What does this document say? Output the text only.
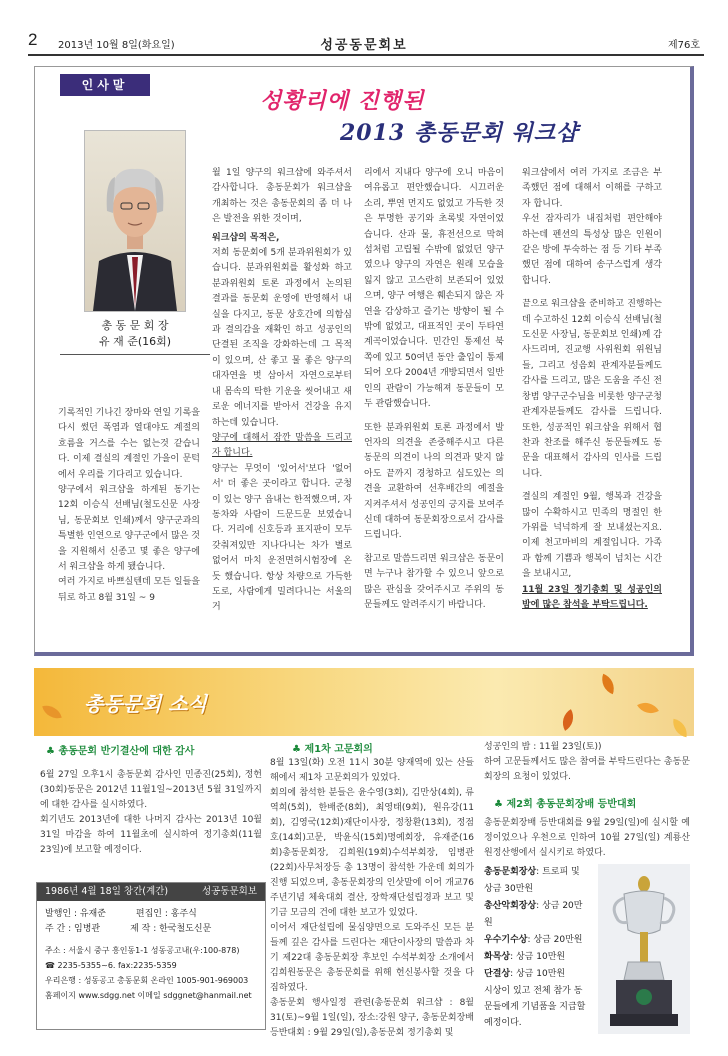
2 2013년 10월 8일(화요일)	성공동문회보	제76호
인사말
성황리에 진행된
2013 총동문회 워크샵
총 동 문 회 장
유 재 준(16회)

기록적인 기나긴 장마와 연일 기록을 다시 썼던 폭염과 열대야도 계절의 흐름을 거스를 수는 없는것 같습니다. 이제 결실의 계절인 가을이 문턱에서 우리를 기다리고 있습니다.

양구에서 워크샵을 하게된 동기는 12회 이승식 선배님(철도신문 사장님, 동문회보 인쇄)께서 양구군과의 특별한 인연으로 양구군에서 많은 것을 지원해서 신종고 몇 좋은 양구에서 워크샵을 하게 됐습니다.

여러 가지로 바쁘실텐데 모든 일들을 뒤로 하고 8월 31일 ~ 9

월 1일 양구의 워크샵에 와주셔서 감사합니다. 총동문회가 워크샵을 개최하는 것은 총동문회의 좀 더 나은 발전을 위한 것이며,

워크샵의 목적은,

저희 동문회에 5개 분과위원회가 있습니다. 분과위원회를 활성화 하고 분과위원회 토론 과정에서 논의된 결과를 동문회 운영에 반영해서 내실을 다지고, 동문 상호간에 의함심과 결의감을 재확인 하고 성공인의 단결된 조직을 강화하는데 그 목적이 있으며, 산 좋고 물 좋은 양구의 대자연을 벗 삼아서 자연으로부터 내 몸속의 탁한 기운을 씻어내고 새로운 에너지를 받아서 건강을 유지하는데 있습니다.

양구에 대해서 잠깐 말씀을 드리고자 합니다.

양구는 무엇이 '있어서'보다 '없어서' 더 좋은 곳이라고 합니다. 군청이 있는 양구 읍내는 한적했으며, 자동차와 사람이 드문드문 보였습니다. 거리에 신호등과 표지판이 모두 갖춰져있만 지나다니는 차가 별로 없어서 마치 운전면허시험장에 온 듯 했습니다. 항상 차량으로 가득한 도로, 사람에게 밀려다니는 서울의 거

리에서 지내다 양구에 오니 마음이 여유롭고 편안했습니다. 시끄러운 소리, 뿌연 먼지도 없었고 가득한 것은 투명한 공기와 초록빛 자연이었습니다. 산과 물, 휴전선으로 막혀 섬처럼 고립될 수밖에 없었던 양구였으나 양구의 자연은 원래 모습을 잃지 않고 고스란히 보존되어 있었으며, 양구 여행은 훼손되지 않은 자연을 감상하고 즐기는 방향이 될 수 밖에 없었고, 대표적인 곳이 두타연 계곡이었습니다. 민간인 통제선 북쪽에 있고 50여년 동안 출입이 통제되어 오다 2004년 개방되면서 일반인의 관람이 가능해져 동문들이 모두 관람했습니다.

또한 분과위원회 토론 과정에서 발언자의 의견을 존중해주시고 다른 동문의 의견이 나의 의견과 맞지 않아도 끝까지 경청하고 심도있는 의견을 교환하여 선후배간의 예절을 지켜주셔서 성공인의 긍지를 보여주신데 대하여 동문회장으로서 감사를 드립니다.

참고로 말씀드리면 워크샵은 동문이면 누구나 참가할 수 있으니 앞으로 많은 관심을 갖어주시고 주위의 동문들께도 알려주시기 바랍니다.

워크샵에서 여러 가지로 조금은 부족했던 점에 대해서 이해를 구하고자 합니다.

우선 잠자리가 내집처럼 편안해야 하는데 펜션의 특성상 많은 인원이 같은 방에 투숙하는 점 등 기타 부족했던 점에 대하여 송구스럽게 생각합니다.

끝으로 워크샵을 준비하고 진행하는데 수고하신 12회 이승식 선배님(철도신문 사장님, 동문회보 인쇄)께 감사드리며, 진교행 사위원회 위원님들, 그리고 성음회 관계자분들께도 감사를 드리고, 많은 도움을 주신 전창범 양구군수님을 비롯한 양구군청 관계자분들께도 감사를 드립니다. 또한, 성공적인 워크샵을 위해서 협찬과 찬조를 해주신 동문들께도 동문을 대표해서 감사의 인사를 드립니다.

결실의 계절인 9월, 행복과 건강을 많이 수확하시고 민족의 명절인 한가위를 넉넉하게 잘 보내셨는지요. 이제 천고마비의 계절입니다. 가족과 함께 기쁨과 행복이 넘치는 시간을 보내시고,

11월 23일 정기총회 및 성공인의 밤에 많은 참석을 부탁드립니다.

총동문회 소식
♣ 총동문회 반기결산에 대한 감사

6월 27일 오후1시 총동문회 감사인 민종진(25회), 정헌(30회)동문은 2012년 11월1일~2013년 5월 31일까지에 대한 감사를 실시하였다.

회기년도 2013년에 대한 나머지 감사는 2013년 10월 31일 마감을 하여 11월초에 실시하여 정기총회(11월 23일)에 보고할 예정이다.

1986년 4월 18일 창간(계간)	성공동문회보
발행인 : 유재준	편집인 : 홍주식
주 간 : 임병관	제 작 : 한국철도신문
주소 : 서울시 중구 흥인동1-1 성동공고내(우:100-878)
☎ 2235-5355~6. fax:2235-5359
우리은행 : 성동공고 총동문회 온라인 1005-901-969003
홈페이지 www.sdgg.net 이메일 sdggnet@hanmail.net
♣ 제1차 고문회의

8월 13일(화) 오전 11시 30분 양재역에 있는 산들해에서 제1차 고문회의가 있었다.

회의에 참석한 분들은 윤수영(3회), 김만상(4회), 류역희(5회), 한배준(8회), 최영태(9회), 원유강(11회), 김영국(12회)재단이사장, 정창환(13회), 정점호(14회)고문, 박윤식(15회)명예회장, 유재준(16회)총동문회장, 김희원(19회)수석부회장, 임병관(22회)사무처장등 총 13명이 참석한 가운데 회의가 진행 되었으며, 총동문회장의 인삿말에 이어 개교76주년기념 체육대회 결산, 장학재단설립경과 보고 및 기금 모금의 건에 대한 보고가 있었다.

이어서 재단설립에 물심양면으로 도와주신 모든 분들께 깊은 감사를 드린다는 재단이사장의 말씀과 차기 제22대 총동문회장 후보인 수석부회장 소개에서 김희원동문은 총동문회를 위해 헌신봉사할 것을 다짐하였다.

총동문회 행사일정 관련(총동문회 워크샵 : 8월 31(토)~9월 1일(일), 장소:강원 양구, 총동문회장배 등반대회 : 9월 29일(일),총동문회 정기총회 및

성공인의 밤 : 11월 23일(토))

하여 고문들께서도 많은 참여를 부탁드린다는 총동문회장의 요청이 있었다.

♣ 제2회 총동문회장배 등반대회

총동문회장배 등반대회를 9월 29일(일)에 실시할 예정이었으나 우천으로 인하여 10월 27일(일) 계룡산 원정산행에서 실시키로 하였다.

총동문회장상: 트로피 및 상금 30만원
총산악회장상: 상금 20만원
우수기수상: 상금 20만원
화목상: 상금 10만원
단결상: 상금 10만원
시상이 있고 전체 참가 동문들에게 기념품을 지급할 예정이다.
